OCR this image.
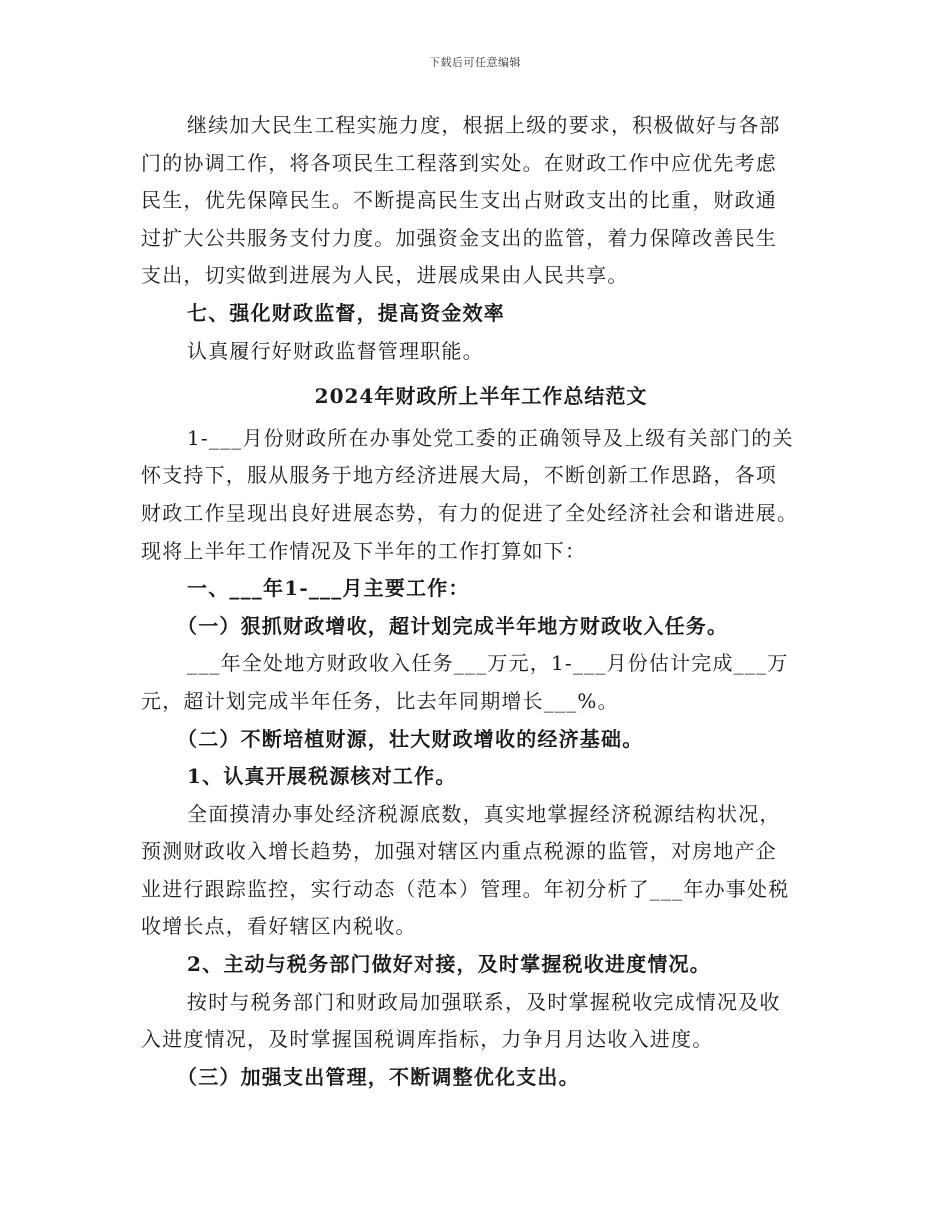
下载后可任意编辑
继续加大民生工程实施力度，根据上级的要求，积极做好与各部
门的协调工作，将各项民生工程落到实处。在财政工作中应优先考虑
民生，优先保障民生。不断提高民生支出占财政支出的比重，财政通
过扩大公共服务支付力度。加强资金支出的监管，着力保障改善民生
支出，切实做到进展为人民，进展成果由人民共享。
七、强化财政监督，提高资金效率
认真履行好财政监督管理职能。
2024年财政所上半年工作总结范文
1-___月份财政所在办事处党工委的正确领导及上级有关部门的关
怀支持下，服从服务于地方经济进展大局，不断创新工作思路，各项
财政工作呈现出良好进展态势，有力的促进了全处经济社会和谐进展。
现将上半年工作情况及下半年的工作打算如下：
一、___年1-___月主要工作：
（一）狠抓财政增收，超计划完成半年地方财政收入任务。
___年全处地方财政收入任务___万元，1-___月份估计完成___万
元，超计划完成半年任务，比去年同期增长___%。
（二）不断培植财源，壮大财政增收的经济基础。
1、认真开展税源核对工作。
全面摸清办事处经济税源底数，真实地掌握经济税源结构状况，
预测财政收入增长趋势，加强对辖区内重点税源的监管，对房地产企
业进行跟踪监控，实行动态（范本）管理。年初分析了___年办事处税
收增长点，看好辖区内税收。
2、主动与税务部门做好对接，及时掌握税收进度情况。
按时与税务部门和财政局加强联系，及时掌握税收完成情况及收
入进度情况，及时掌握国税调库指标，力争月月达收入进度。
（三）加强支出管理，不断调整优化支出。
